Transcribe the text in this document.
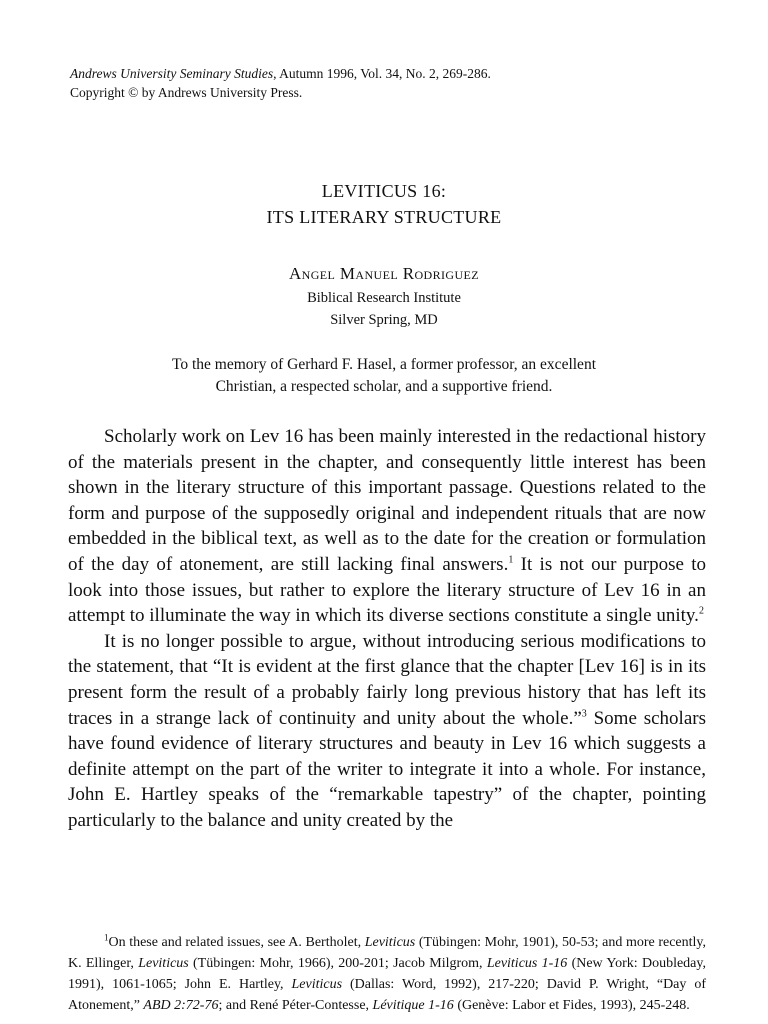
Andrews University Seminary Studies, Autumn 1996, Vol. 34, No. 2, 269-286.
Copyright © by Andrews University Press.
LEVITICUS 16:
ITS LITERARY STRUCTURE
Angel Manuel Rodriguez
Biblical Research Institute
Silver Spring, MD
To the memory of Gerhard F. Hasel, a former professor, an excellent
Christian, a respected scholar, and a supportive friend.

Scholarly work on Lev 16 has been mainly interested in the redactional history of the materials present in the chapter, and consequently little interest has been shown in the literary structure of this important passage. Questions related to the form and purpose of the supposedly original and independent rituals that are now embedded in the biblical text, as well as to the date for the creation or formulation of the day of atonement, are still lacking final answers.$^1$ It is not our purpose to look into those issues, but rather to explore the literary structure of Lev 16 in an attempt to illuminate the way in which its diverse sections constitute a single unity.$^2$

It is no longer possible to argue, without introducing serious modifications to the statement, that “It is evident at the first glance that the chapter [Lev 16] is in its present form the result of a probably fairly long previous history that has left its traces in a strange lack of continuity and unity about the whole.”$^3$ Some scholars have found evidence of literary structures and beauty in Lev 16 which suggests a definite attempt on the part of the writer to integrate it into a whole. For instance, John E. Hartley speaks of the “remarkable tapestry” of the chapter, pointing particularly to the balance and unity created by the

$^1$On these and related issues, see A. Bertholet, Leviticus (Tübingen: Mohr, 1901), 50-53; and more recently, K. Ellinger, Leviticus (Tübingen: Mohr, 1966), 200-201; Jacob Milgrom, Leviticus 1-16 (New York: Doubleday, 1991), 1061-1065; John E. Hartley, Leviticus (Dallas: Word, 1992), 217-220; David P. Wright, “Day of Atonement,” ABD 2:72-76; and René Péter-Contesse, Lévitique 1-16 (Genève: Labor et Fides, 1993), 245-248.
